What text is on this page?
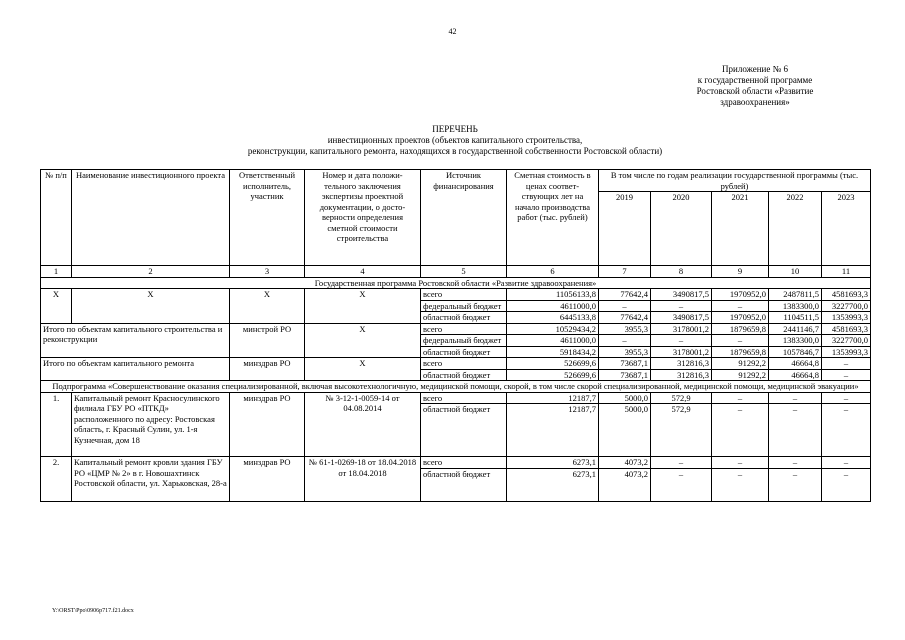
42
Приложение № 6
к государственной программе
Ростовской области «Развитие
здравоохранения»
ПЕРЕЧЕНЬ
инвестиционных проектов (объектов капитального строительства,
реконструкции, капитального ремонта, находящихся в государственной собственности Ростовской области)
№ п/п	Наименование инвестиционного проекта	Ответственный исполнитель, участник	Номер и дата положи-тельного заключения экспертизы проектной документации, о досто-верности определения сметной стоимости строительства	Источник финансирования	Сметная стоимость в ценах соответ-ствующих лет на начало производства работ (тыс. рублей)	В том числе по годам реализации государственной программы (тыс. рублей)				
						2019	2020	2021	2022	2023
1	2	3	4	5	6	7	8	9	10	11
Государственная программа Ростовской области «Развитие здравоохранения»										
X	X	X	X	всего	11056133,8	77642,4	3490817,5	1970952,0	2487811,5	4581693,3
				федеральный бюджет	4611000,0	–	–	–	1383300,0	3227700,0
				областной бюджет	6445133,8	77642,4	3490817,5	1970952,0	1104511,5	1353993,3
Итого по объектам капитального строительства и реконструкции		минстрой РО	X	всего	10529434,2	3955,3	3178001,2	1879659,8	2441146,7	4581693,3
				федеральный бюджет	4611000,0	–	–	–	1383300,0	3227700,0
				областной бюджет	5918434,2	3955,3	3178001,2	1879659,8	1057846,7	1353993,3
Итого по объектам капитального ремонта		минздрав РО	X	всего	526699,6	73687,1	312816,3	91292,2	46664,8	–
				областной бюджет	526699,6	73687,1	312816,3	91292,2	46664,8	–
Подпрограмма «Совершенствование оказания специализированной, включая высокотехнологичную, медицинской помощи, скорой, в том числе скорой специализированной, медицинской помощи, медицинской эвакуации»										
1.	Капитальный ремонт Красносулинского филиала ГБУ РО «ПТКД» расположенного по адресу: Ростовская область, г. Красный Сулин, ул. 1-я Кузнечная, дом 18	минздрав РО	№ 3-12-1-0059-14 от 04.08.2014	всего	12187,7	5000,0	572,9	–	–	–
				областной бюджет	12187,7	5000,0	572,9	–	–	–
2.	Капитальный ремонт кровли здания ГБУ РО «ЦМР № 2» в г. Новошахтинск Ростовской области, ул. Харьковская, 28-а	минздрав РО	№ 61-1-0269-18 от 18.04.2018 от 18.04.2018	всего	6273,1	4073,2	–	–	–	–
				областной бюджет	6273,1	4073,2	–	–	–	–
Y:\ORST\Ppo\0906p717.f21.docx
